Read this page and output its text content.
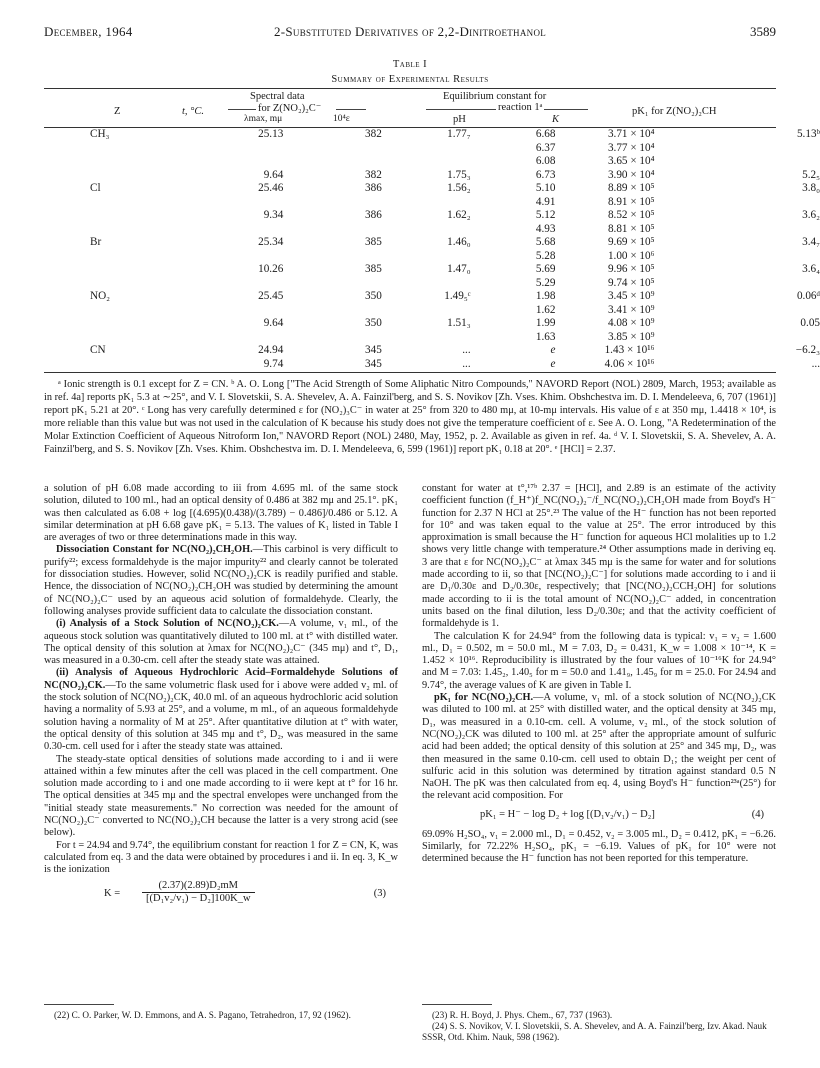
December, 1964	2-Substituted Derivatives of 2,2-Dinitroethanol	3589
Table I
Summary of Experimental Results
Spectral data	Equilibrium constant for
for Z(NO₂)₂C⁻	reaction 1ᵃ
Z	t, °C.	pK₁ for Z(NO₂)₂CH
λmax, mμ	10⁴ε	pH	K
CH₃	25.13	382	1.77₇	6.68	3.71 × 10⁴	5.13ᵇ
				6.37	3.77 × 10⁴	
				6.08	3.65 × 10⁴	
	9.64	382	1.75₃	6.73	3.90 × 10⁴	5.2₅
Cl	25.46	386	1.56₂	5.10	8.89 × 10⁵	3.8₀
				4.91	8.91 × 10⁵	
	9.34	386	1.62₂	5.12	8.52 × 10⁵	3.6₂
				4.93	8.81 × 10⁵	
Br	25.34	385	1.46₀	5.68	9.69 × 10⁵	3.4₇
				5.28	1.00 × 10⁶	
	10.26	385	1.47₀	5.69	9.96 × 10⁵	3.6₄
				5.29	9.74 × 10⁵	
NO₂	25.45	350	1.49₅ᶜ	1.98	3.45 × 10⁹	0.06ᵈ
				1.62	3.41 × 10⁹	
	9.64	350	1.51₃	1.99	4.08 × 10⁹	0.05
				1.63	3.85 × 10⁹	
CN	24.94	345	...	e	1.43 × 10¹⁶	−6.2₃
	9.74	345	...	e	4.06 × 10¹⁶	...
ᵃ Ionic strength is 0.1 except for Z = CN. ᵇ A. O. Long ["The Acid Strength of Some Aliphatic Nitro Compounds," NAVORD Report (NOL) 2809, March, 1953; available as in ref. 4a] reports pK₁ 5.3 at ∼25°, and V. I. Slovetskii, S. A. Shevelev, A. A. Fainzil'berg, and S. S. Novikov [Zh. Vses. Khim. Obshchestva im. D. I. Mendeleeva, 6, 707 (1961)] report pK₁ 5.21 at 20°. ᶜ Long has very carefully determined ε for (NO₂)₃C⁻ in water at 25° from 320 to 480 mμ, at 10-mμ intervals. His value of ε at 350 mμ, 1.4418 × 10⁴, is more reliable than this value but was not used in the calculation of K because his study does not give the temperature coefficient of ε. See A. O. Long, "A Redetermination of the Molar Extinction Coefficient of Aqueous Nitroform Ion," NAVORD Report (NOL) 2480, May, 1952, p. 2. Available as given in ref. 4a. ᵈ V. I. Slovetskii, S. A. Shevelev, A. A. Fainzil'berg, and S. S. Novikov [Zh. Vses. Khim. Obshchestva im. D. I. Mendeleeva, 6, 599 (1961)] report pK₁ 0.18 at 20°. ᵉ [HCl] = 2.37.

a solution of pH 6.08 made according to iii from 4.695 ml. of the same stock solution, diluted to 100 ml., had an optical density of 0.486 at 382 mμ and 25.1°. pK₁ was then calculated as 6.08 + log [(4.695)(0.438)/(3.789) − 0.486]/0.486 or 5.12. A similar determination at pH 6.68 gave pK₁ = 5.13. The values of K₁ listed in Table I are averages of two or three determinations made in this way.

Dissociation Constant for NC(NO₂)₂CH₂OH.—This carbinol is very difficult to purify²²; excess formaldehyde is the major impurity²² and clearly cannot be tolerated for dissociation studies. However, solid NC(NO₂)₂CK is readily purified and stable. Hence, the dissociation of NC(NO₂)₂CH₂OH was studied by determining the amount of NC(NO₂)₂C⁻ used by an aqueous acid solution of formaldehyde. Clearly, the following analyses provide sufficient data to calculate the dissociation constant.

(i) Analysis of a Stock Solution of NC(NO₂)₂CK.—A volume, v₁ ml., of the aqueous stock solution was quantitatively diluted to 100 ml. at t° with distilled water. The optical density of this solution at λmax for NC(NO₂)₂C⁻ (345 mμ) and t°, D₁, was measured in a 0.30-cm. cell after the steady state was attained.

(ii) Analysis of Aqueous Hydrochloric Acid–Formaldehyde Solutions of NC(NO₂)₂CK.—To the same volumetric flask used for i above were added v₂ ml. of the stock solution of NC(NO₂)₂CK, 40.0 ml. of an aqueous hydrochloric acid solution having a normality of 5.93 at 25°, and a volume, m ml., of an aqueous formaldehyde solution having a normality of M at 25°. After quantitative dilution at t° with water, the optical density of this solution at 345 mμ and t°, D₂, was measured in the same 0.30-cm. cell used for i after the steady state was attained.

The steady-state optical densities of solutions made according to i and ii were attained within a few minutes after the cell was placed in the cell compartment. One solution made according to i and one made according to ii were kept at t° for 16 hr. The optical densities at 345 mμ and the spectral envelopes were unchanged from the "initial steady state measurements." No correction was needed for the amount of NC(NO₂)₂C⁻ converted to NC(NO₂)₂CH because the latter is a very strong acid (see below).

For t = 24.94 and 9.74°, the equilibrium constant for reaction 1 for Z = CN, K, was calculated from eq. 3 and the data were obtained by procedures i and ii. In eq. 3, K_w is the ionization

$K = \frac{\text{(2.37)(2.89)D₂mM}}{\text{[(D₁v₂/v₁) − D₂]100K\_w}}$	(3)

constant for water at t°,¹⁷ᵇ 2.37 = [HCl], and 2.89 is an estimate of the activity coefficient function (f_H⁺)f_NC(NO₂)₂⁻/f_NC(NO₂)₂CH₂OH made from Boyd's H⁻ function for 2.37 N HCl at 25°.²³ The value of the H⁻ function has not been reported for 10° and was taken equal to the value at 25°. The error introduced by this approximation is small because the H⁻ function for aqueous HCl molalities up to 1.2 shows very little change with temperature.²⁴ Other assumptions made in deriving eq. 3 are that ε for NC(NO₂)₂C⁻ at λmax 345 mμ is the same for water and for solutions made according to ii, so that [NC(NO₂)₂C⁻] for solutions made according to i and ii are D₁/0.30ε and D₂/0.30ε, respectively; that [NC(NO₂)₂CCH₂OH] for solutions made according to ii is the total amount of NC(NO₂)₂C⁻ added, in concentration units based on the final dilution, less D₂/0.30ε; and that the activity coefficient of formaldehyde is 1.

The calculation K for 24.94° from the following data is typical: v₁ = v₂ = 1.600 ml., D₁ = 0.502, m = 50.0 ml., M = 7.03, D₂ = 0.431, K_w = 1.008 × 10⁻¹⁴, K = 1.452 × 10¹⁶. Reproducibility is illustrated by the four values of 10⁻¹⁶K for 24.94° and M = 7.03: 1.45₂, 1.40₅ for m = 50.0 and 1.41₉, 1.45₉ for m = 25.0. For 24.94 and 9.74°, the average values of K are given in Table I.

pK₁ for NC(NO₂)₂CH.—A volume, v₁ ml. of a stock solution of NC(NO₂)₂CK was diluted to 100 ml. at 25° with distilled water, and the optical density at 345 mμ, D₁, was measured in a 0.10-cm. cell. A volume, v₂ ml., of the stock solution of NC(NO₂)₂CK was diluted to 100 ml. at 25° after the appropriate amount of sulfuric acid had been added; the optical density of this solution at 25° and 345 mμ, D₂, was then measured in the same 0.10-cm. cell used to obtain D₁; the weight per cent of sulfuric acid in this solution was determined by titration against standard 0.5 N NaOH. The pK was then calculated from eq. 4, using Boyd's H⁻ function²³ᵃ(25°) for the relevant acid composition. For

pK₁ = H⁻ − log D₂ + log [(D₁v₂/v₁) − D₂]	(4)

69.09% H₂SO₄, v₁ = 2.000 ml., D₁ = 0.452, v₂ = 3.005 ml., D₂ = 0.412, pK₁ = −6.26. Similarly, for 72.22% H₂SO₄, pK₁ = −6.19. Values of pK₁ for 10° were not determined because the H⁻ function has not been reported for this temperature.

(22) C. O. Parker, W. D. Emmons, and A. S. Pagano, Tetrahedron, 17, 92 (1962).	(23) R. H. Boyd, J. Phys. Chem., 67, 737 (1963).

(24) S. S. Novikov, V. I. Slovetskii, S. A. Shevelev, and A. A. Fainzil'berg, Izv. Akad. Nauk SSSR, Otd. Khim. Nauk, 598 (1962).
